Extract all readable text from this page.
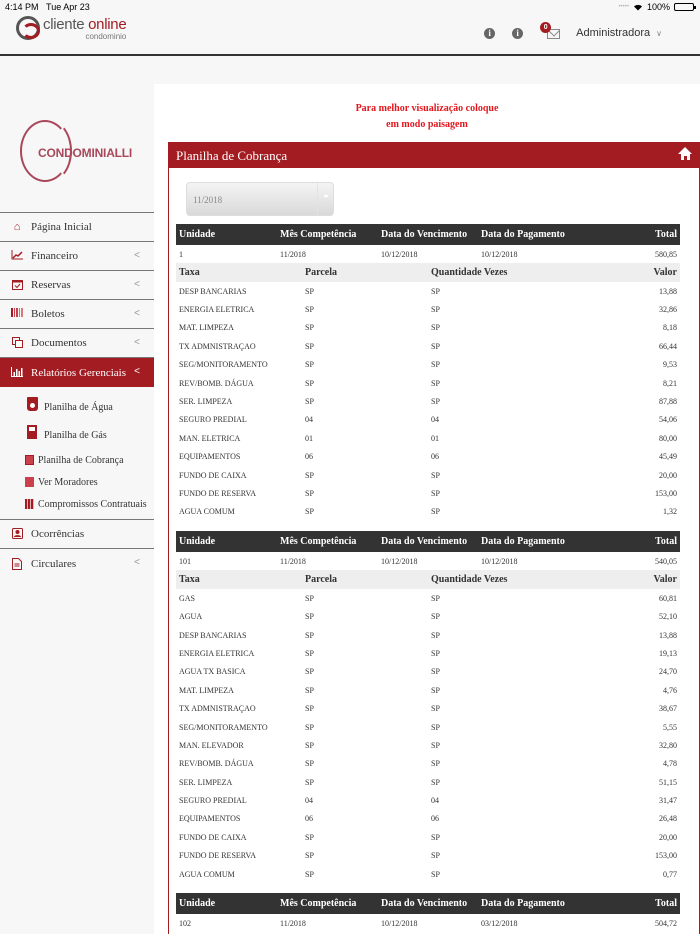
4:14 PM Tue Apr 23	••••• 100%
cliente online
condominio	i	i	0	Administradora ∨
CONDOMINIALLI
⌂ Página Inicial
Financeiro	<
Reservas	<
Boletos	<
Documentos	<
Relatórios Gerenciais <
Planilha de Água
Planilha de Gás
Planilha de Cobrança
Ver Moradores
Compromissos Contratuais
Ocorrências
Circulares	<
Para melhor visualização coloque
em modo paisagem
Planilha de Cobrança
11/2018
Unidade	Mês Competência	Data do Vencimento	Data do Pagamento	Total
1	11/2018	10/12/2018	10/12/2018	580,85
Taxa	Parcela	Quantidade Vezes	Valor
DESP BANCARIAS	SP	SP	13,88
ENERGIA ELETRICA	SP	SP	32,86
MAT. LIMPEZA	SP	SP	8,18
TX ADMNISTRAÇAO	SP	SP	66,44
SEG/MONITORAMENTO	SP	SP	9,53
REV/BOMB. DÁGUA	SP	SP	8,21
SER. LIMPEZA	SP	SP	87,88
SEGURO PREDIAL	04	04	54,06
MAN. ELETRICA	01	01	80,00
EQUIPAMENTOS	06	06	45,49
FUNDO DE CAIXA	SP	SP	20,00
FUNDO DE RESERVA	SP	SP	153,00
AGUA COMUM	SP	SP	1,32
Unidade	Mês Competência	Data do Vencimento	Data do Pagamento	Total
101	11/2018	10/12/2018	10/12/2018	540,05
Taxa	Parcela	Quantidade Vezes	Valor
GAS	SP	SP	60,81
AGUA	SP	SP	52,10
DESP BANCARIAS	SP	SP	13,88
ENERGIA ELETRICA	SP	SP	19,13
AGUA TX BASICA	SP	SP	24,70
MAT. LIMPEZA	SP	SP	4,76
TX ADMNISTRAÇAO	SP	SP	38,67
SEG/MONITORAMENTO	SP	SP	5,55
MAN. ELEVADOR	SP	SP	32,80
REV/BOMB. DÁGUA	SP	SP	4,78
SER. LIMPEZA	SP	SP	51,15
SEGURO PREDIAL	04	04	31,47
EQUIPAMENTOS	06	06	26,48
FUNDO DE CAIXA	SP	SP	20,00
FUNDO DE RESERVA	SP	SP	153,00
AGUA COMUM	SP	SP	0,77
Unidade	Mês Competência	Data do Vencimento	Data do Pagamento	Total
102	11/2018	10/12/2018	03/12/2018	504,72
